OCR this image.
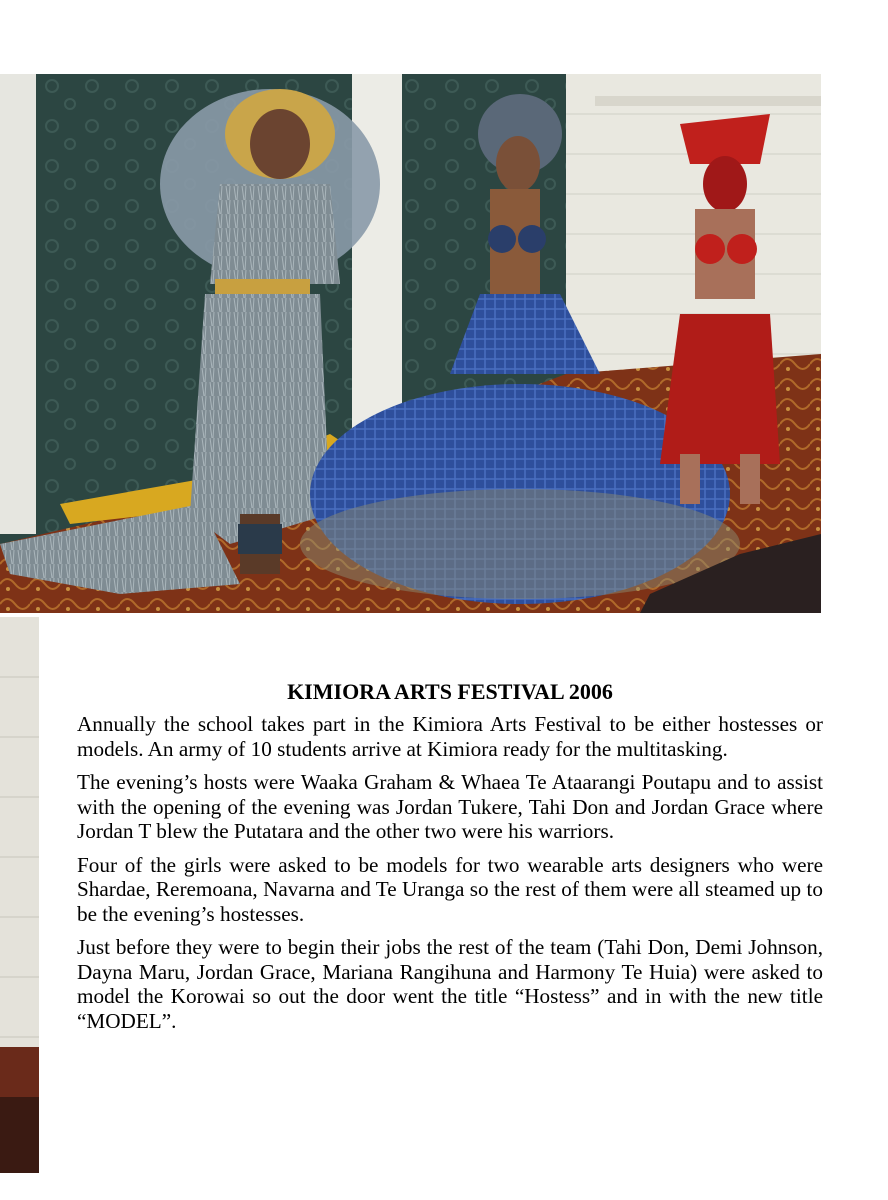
KIMIORA ARTS FESTIVAL 2006

Annually the school takes part in the Kimiora Arts Festival to be either hostesses or models. An army of 10 students arrive at Kimiora ready for the multitasking.

The evening’s hosts were Waaka Graham & Whaea Te Ataarangi Poutapu and to assist with the opening of the evening was Jordan Tukere, Tahi Don and Jordan Grace where Jordan T blew the Putatara and the other two were his warriors.

Four of the girls were asked to be models for two wearable arts designers who were Shardae, Reremoana, Navarna and Te Uranga so the rest of them were all steamed up to be the evening’s hostesses.

Just before they were to begin their jobs the rest of the team (Tahi Don, Demi Johnson, Dayna Maru, Jordan Grace, Mariana Rangihuna and Harmony Te Huia) were asked to model the Korowai so out the door went the title “Hostess” and in with the new title “MODEL”.
